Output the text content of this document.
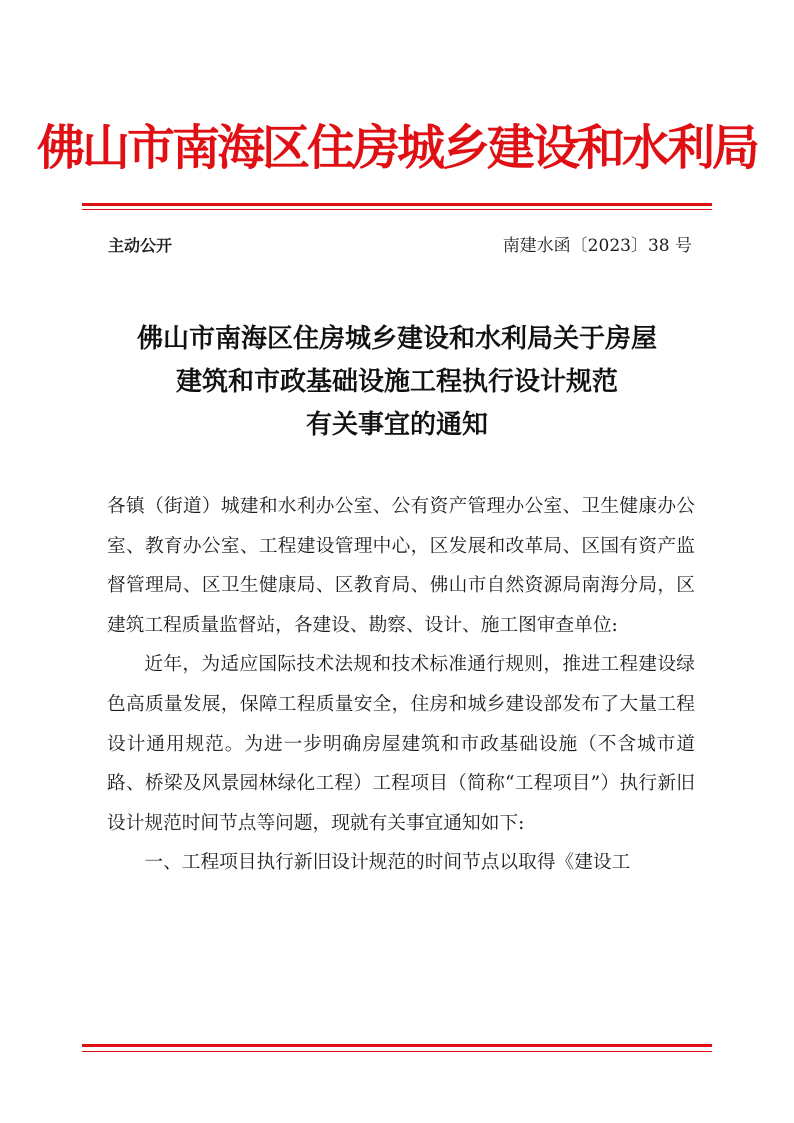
佛山市南海区住房城乡建设和水利局
主动公开	南建水函〔2023〕38 号
佛山市南海区住房城乡建设和水利局关于房屋
建筑和市政基础设施工程执行设计规范
有关事宜的通知

各镇（街道）城建和水利办公室、公有资产管理办公室、卫生健康办公室、教育办公室、工程建设管理中心，区发展和改革局、区国有资产监督管理局、区卫生健康局、区教育局、佛山市自然资源局南海分局，区建筑工程质量监督站，各建设、勘察、设计、施工图审查单位:

近年，为适应国际技术法规和技术标准通行规则，推进工程建设绿色高质量发展，保障工程质量安全，住房和城乡建设部发布了大量工程设计通用规范。为进一步明确房屋建筑和市政基础设施（不含城市道路、桥梁及风景园林绿化工程）工程项目（简称“工程项目”）执行新旧设计规范时间节点等问题，现就有关事宜通知如下:

一、工程项目执行新旧设计规范的时间节点以取得《建设工
